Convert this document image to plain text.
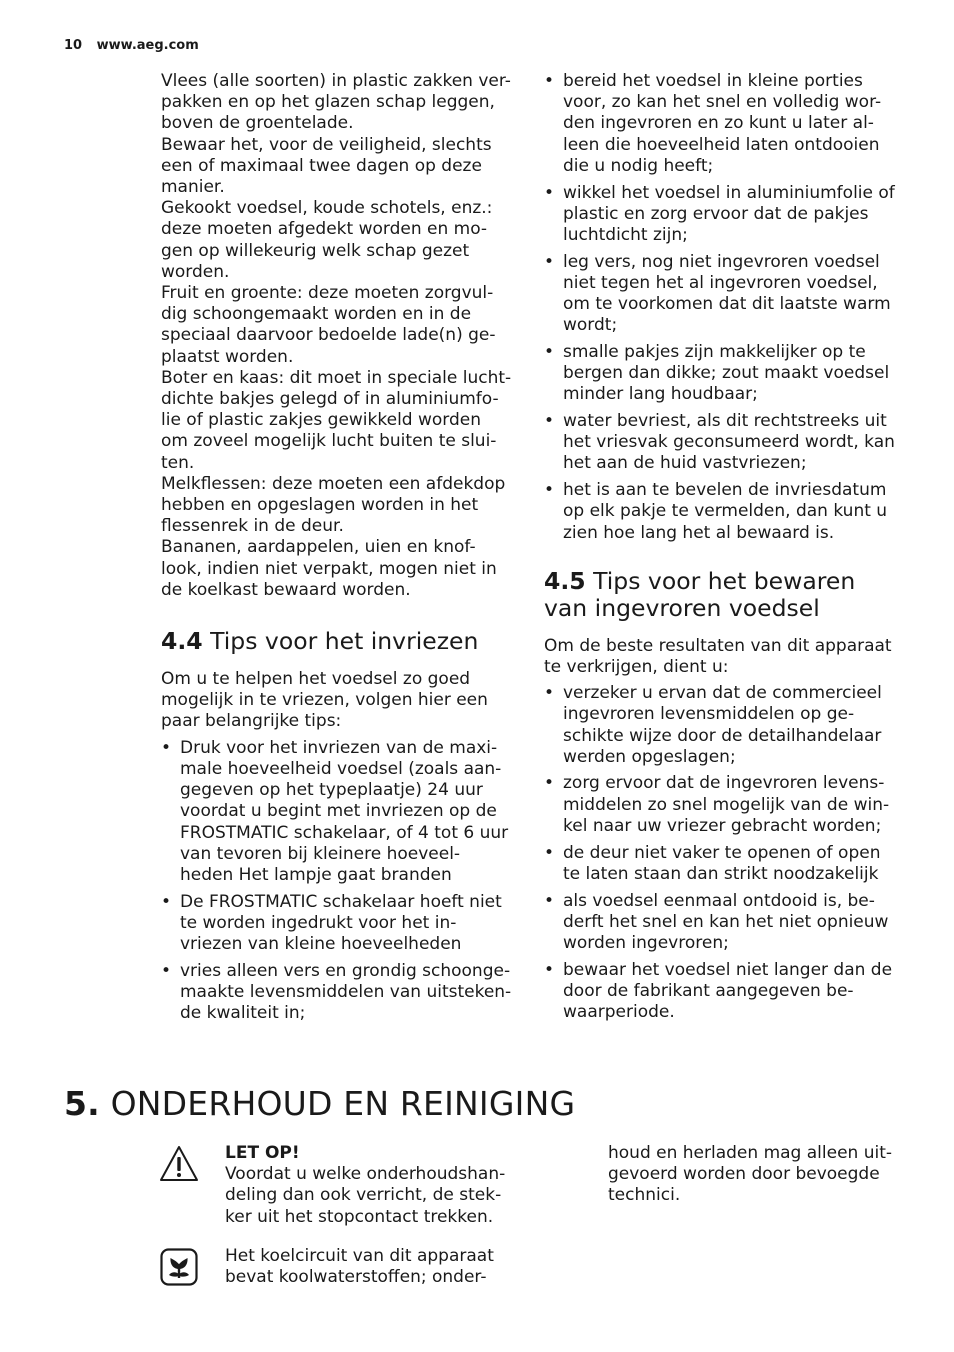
10 www.aeg.com

Vlees (alle soorten) in plastic zakken ver-pakken en op het glazen schap leggen, boven de groentelade.

Bewaar het, voor de veiligheid, slechts een of maximaal twee dagen op deze manier.

Gekookt voedsel, koude schotels, enz.: deze moeten afgedekt worden en mo-gen op willekeurig welk schap gezet worden.

Fruit en groente: deze moeten zorgvul-dig schoongemaakt worden en in de speciaal daarvoor bedoelde lade(n) ge-plaatst worden.

Boter en kaas: dit moet in speciale lucht-dichte bakjes gelegd of in aluminiumfo-lie of plastic zakjes gewikkeld worden om zoveel mogelijk lucht buiten te slui-ten.

Melkflessen: deze moeten een afdekdop hebben en opgeslagen worden in het flessenrek in de deur.

Bananen, aardappelen, uien en knof-look, indien niet verpakt, mogen niet in de koelkast bewaard worden.

4.4 Tips voor het invriezen

Om u te helpen het voedsel zo goed mogelijk in te vriezen, volgen hier een paar belangrijke tips:

• Druk voor het invriezen van de maxi-male hoeveelheid voedsel (zoals aan-gegeven op het typeplaatje) 24 uur voordat u begint met invriezen op de FROSTMATIC schakelaar, of 4 tot 6 uur van tevoren bij kleinere hoeveel-heden Het lampje gaat branden
• De FROSTMATIC schakelaar hoeft niet te worden ingedrukt voor het in-vriezen van kleine hoeveelheden
• vries alleen vers en grondig schoonge-maakte levensmiddelen van uitsteken-de kwaliteit in;
• bereid het voedsel in kleine porties voor, zo kan het snel en volledig wor-den ingevroren en zo kunt u later al-leen die hoeveelheid laten ontdooien die u nodig heeft;
• wikkel het voedsel in aluminiumfolie of plastic en zorg ervoor dat de pakjes luchtdicht zijn;
• leg vers, nog niet ingevroren voedsel niet tegen het al ingevroren voedsel, om te voorkomen dat dit laatste warm wordt;
• smalle pakjes zijn makkelijker op te bergen dan dikke; zout maakt voedsel minder lang houdbaar;
• water bevriest, als dit rechtstreeks uit het vriesvak geconsumeerd wordt, kan het aan de huid vastvriezen;
• het is aan te bevelen de invriesdatum op elk pakje te vermelden, dan kunt u zien hoe lang het al bewaard is.
4.5 Tips voor het bewaren van ingevroren voedsel

Om de beste resultaten van dit apparaat te verkrijgen, dient u:

• verzeker u ervan dat de commercieel ingevroren levensmiddelen op ge-schikte wijze door de detailhandelaar werden opgeslagen;
• zorg ervoor dat de ingevroren levens-middelen zo snel mogelijk van de win-kel naar uw vriezer gebracht worden;
• de deur niet vaker te openen of open te laten staan dan strikt noodzakelijk
• als voedsel eenmaal ontdooid is, be-derft het snel en kan het niet opnieuw worden ingevroren;
• bewaar het voedsel niet langer dan de door de fabrikant aangegeven be-waarperiode.
5. ONDERHOUD EN REINIGING

LET OP!

Voordat u welke onderhoudshan-deling dan ook verricht, de stek-ker uit het stopcontact trekken.

Het koelcircuit van dit apparaat bevat koolwaterstoffen; onder-

houd en herladen mag alleen uit-gevoerd worden door bevoegde technici.
